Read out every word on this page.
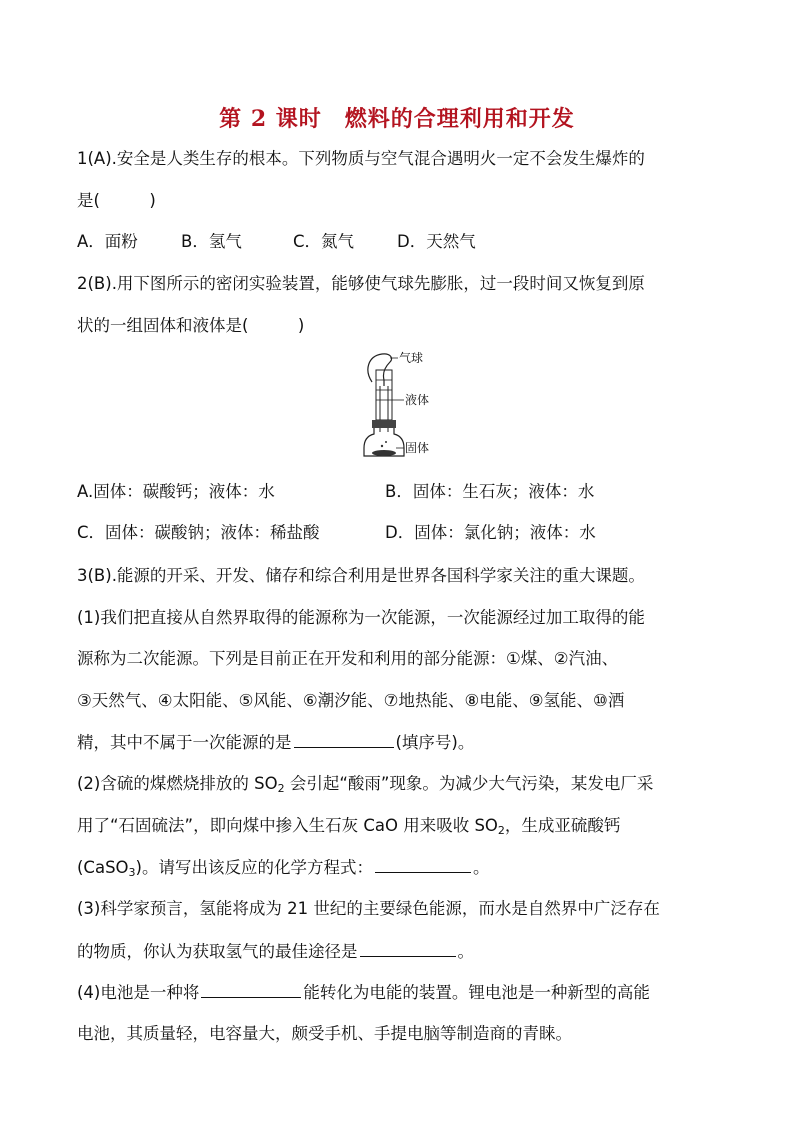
第 2 课时　燃料的合理利用和开发
1(A).安全是人类生存的根本。下列物质与空气混合遇明火一定不会发生爆炸的
是(　　　)
A．面粉	B．氢气	C．氮气	D．天然气
2(B).用下图所示的密闭实验装置，能够使气球先膨胀，过一段时间又恢复到原
状的一组固体和液体是(　　　)
气球
液体
固体
A.固体：碳酸钙；液体：水	B．固体：生石灰；液体：水
C．固体：碳酸钠；液体：稀盐酸	D．固体：氯化钠；液体：水
3(B).能源的开采、开发、储存和综合利用是世界各国科学家关注的重大课题。
(1)我们把直接从自然界取得的能源称为一次能源，一次能源经过加工取得的能
源称为二次能源。下列是目前正在开发和利用的部分能源：①煤、②汽油、
③天然气、④太阳能、⑤风能、⑥潮汐能、⑦地热能、⑧电能、⑨氢能、⑩酒
精，其中不属于一次能源的是	(填序号)。
(2)含硫的煤燃烧排放的 $SO_2$ 会引起“酸雨”现象。为减少大气污染，某发电厂采
用了“石固硫法”，即向煤中掺入生石灰 CaO 用来吸收 $SO_2$，生成亚硫酸钙
(CaSO$_3$)。请写出该反应的化学方程式：	。
(3)科学家预言，氢能将成为 21 世纪的主要绿色能源，而水是自然界中广泛存在
的物质，你认为获取氢气的最佳途径是	。
(4)电池是一种将	能转化为电能的装置。锂电池是一种新型的高能
电池，其质量轻，电容量大，颇受手机、手提电脑等制造商的青睐。
